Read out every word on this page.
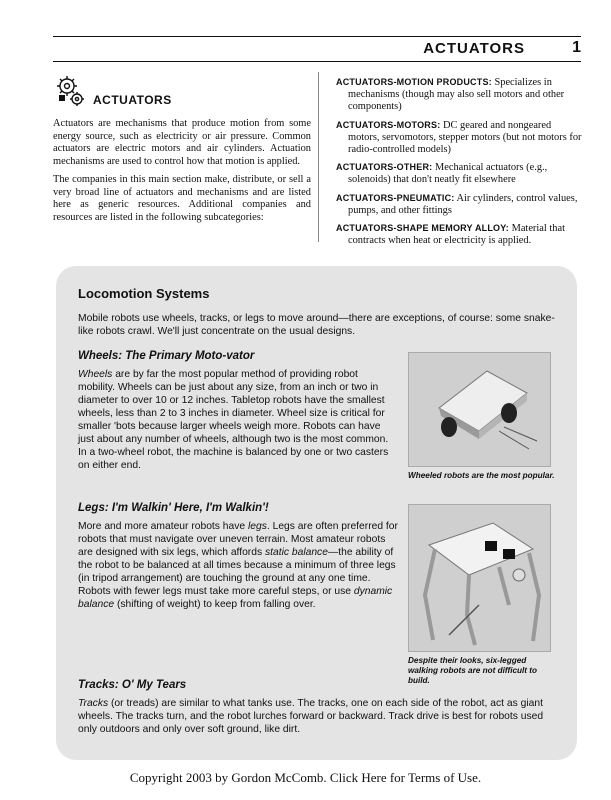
ACTUATORS	1
ACTUATORS

Actuators are mechanisms that produce motion from some energy source, such as electricity or air pressure. Common actuators are electric motors and air cylinders. Actuation mechanisms are used to control how that motion is applied.

The companies in this main section make, distribute, or sell a very broad line of actuators and mechanisms and are listed here as generic resources. Additional companies and resources are listed in the following subcategories:

ACTUATORS-MOTION PRODUCTS: Specializes in mechanisms (though may also sell motors and other components)

ACTUATORS-MOTORS: DC geared and nongeared motors, servomotors, stepper motors (but not motors for radio-controlled models)

ACTUATORS-OTHER: Mechanical actuators (e.g., solenoids) that don't neatly fit elsewhere

ACTUATORS-PNEUMATIC: Air cylinders, control values, pumps, and other fittings

ACTUATORS-SHAPE MEMORY ALLOY: Material that contracts when heat or electricity is applied.

Locomotion Systems

Mobile robots use wheels, tracks, or legs to move around—there are exceptions, of course: some snake-like robots crawl. We'll just concentrate on the usual designs.

Wheels: The Primary Moto-vator

Wheels are by far the most popular method of providing robot mobility. Wheels can be just about any size, from an inch or two in diameter to over 10 or 12 inches. Tabletop robots have the smallest wheels, less than 2 to 3 inches in diameter. Wheel size is critical for smaller 'bots because larger wheels weigh more. Robots can have just about any number of wheels, although two is the most common. In a two-wheel robot, the machine is balanced by one or two casters on either end.

Wheeled robots are the most popular.

Legs: I'm Walkin' Here, I'm Walkin'!

More and more amateur robots have legs. Legs are often preferred for robots that must navigate over uneven terrain. Most amateur robots are designed with six legs, which affords static balance—the ability of the robot to be balanced at all times because a minimum of three legs (in tripod arrangement) are touching the ground at any one time. Robots with fewer legs must take more careful steps, or use dynamic balance (shifting of weight) to keep from falling over.

Despite their looks, six-legged walking robots are not difficult to build.

Tracks: O' My Tears

Tracks (or treads) are similar to what tanks use. The tracks, one on each side of the robot, act as giant wheels. The tracks turn, and the robot lurches forward or backward. Track drive is best for robots used only outdoors and only over soft ground, like dirt.

Copyright 2003 by Gordon McComb. Click Here for Terms of Use.
